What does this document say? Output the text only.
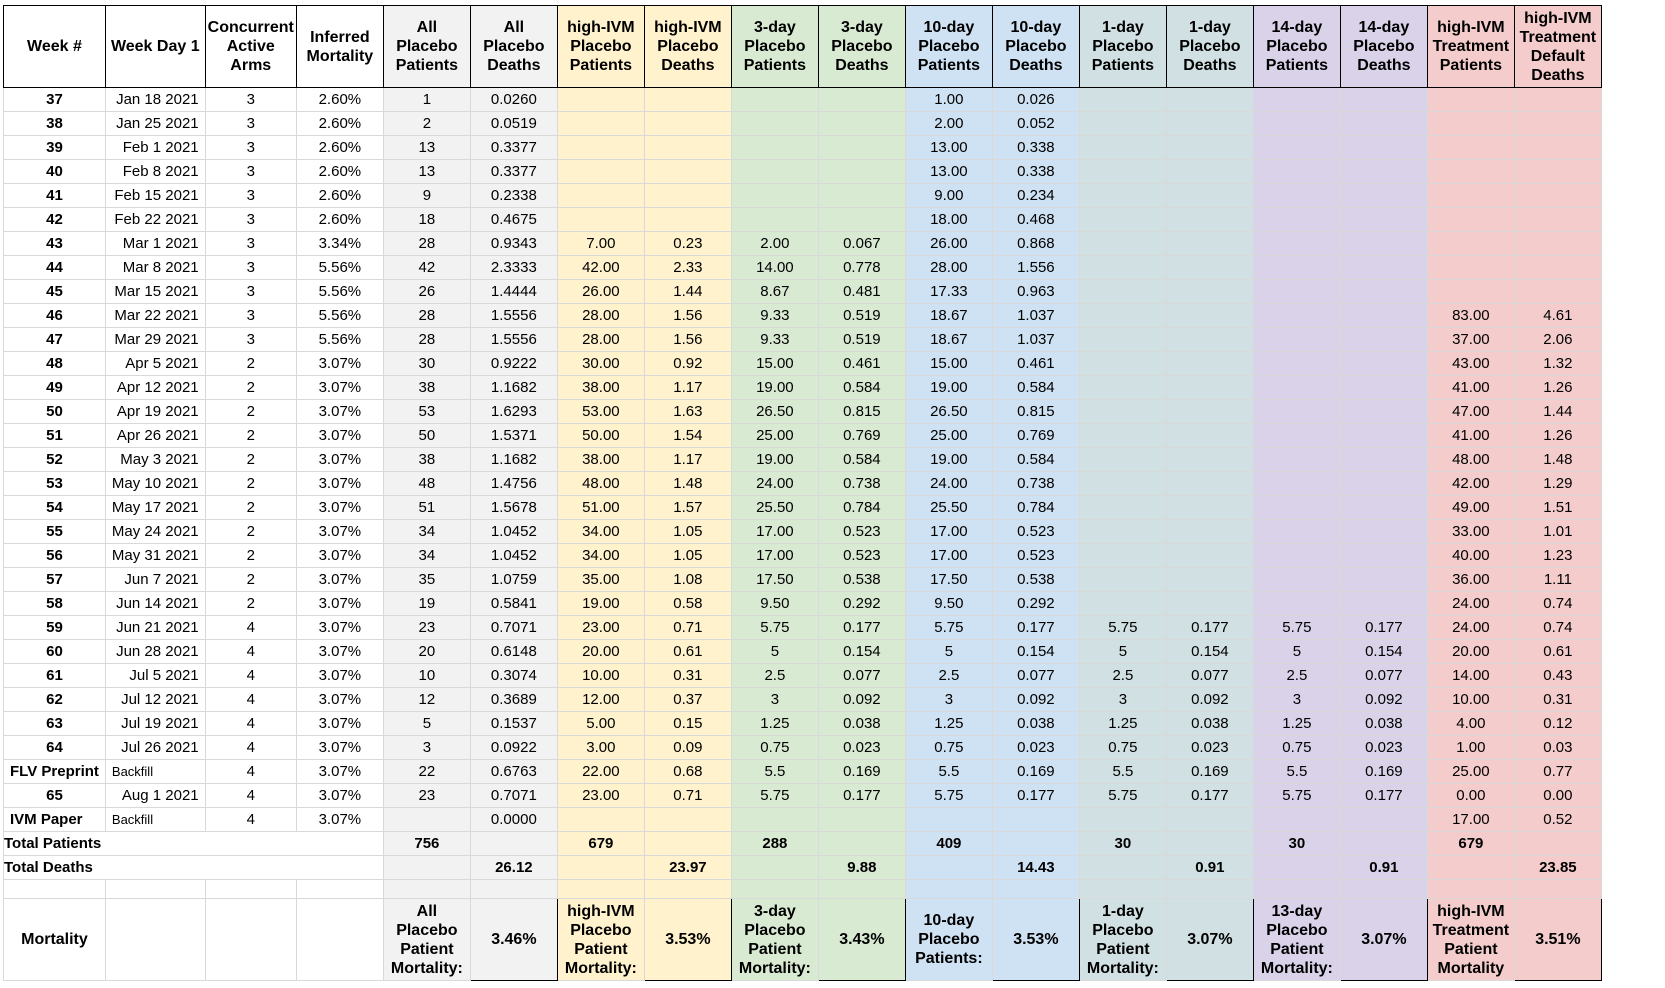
Week #	Week Day 1	Concurrent Active Arms	Inferred Mortality	All Placebo Patients	All Placebo Deaths	high-IVM Placebo Patients	high-IVM Placebo Deaths	3-day Placebo Patients	3-day Placebo Deaths	10-day Placebo Patients	10-day Placebo Deaths	1-day Placebo Patients	1-day Placebo Deaths	14-day Placebo Patients	14-day Placebo Deaths	high-IVM Treatment Patients	high-IVM Treatment Default Deaths
37	Jan 18 2021	3	2.60%	1	0.0260					1.00	0.026						
38	Jan 25 2021	3	2.60%	2	0.0519					2.00	0.052						
39	Feb 1 2021	3	2.60%	13	0.3377					13.00	0.338						
40	Feb 8 2021	3	2.60%	13	0.3377					13.00	0.338						
41	Feb 15 2021	3	2.60%	9	0.2338					9.00	0.234						
42	Feb 22 2021	3	2.60%	18	0.4675					18.00	0.468						
43	Mar 1 2021	3	3.34%	28	0.9343	7.00	0.23	2.00	0.067	26.00	0.868						
44	Mar 8 2021	3	5.56%	42	2.3333	42.00	2.33	14.00	0.778	28.00	1.556						
45	Mar 15 2021	3	5.56%	26	1.4444	26.00	1.44	8.67	0.481	17.33	0.963						
46	Mar 22 2021	3	5.56%	28	1.5556	28.00	1.56	9.33	0.519	18.67	1.037					83.00	4.61
47	Mar 29 2021	3	5.56%	28	1.5556	28.00	1.56	9.33	0.519	18.67	1.037					37.00	2.06
48	Apr 5 2021	2	3.07%	30	0.9222	30.00	0.92	15.00	0.461	15.00	0.461					43.00	1.32
49	Apr 12 2021	2	3.07%	38	1.1682	38.00	1.17	19.00	0.584	19.00	0.584					41.00	1.26
50	Apr 19 2021	2	3.07%	53	1.6293	53.00	1.63	26.50	0.815	26.50	0.815					47.00	1.44
51	Apr 26 2021	2	3.07%	50	1.5371	50.00	1.54	25.00	0.769	25.00	0.769					41.00	1.26
52	May 3 2021	2	3.07%	38	1.1682	38.00	1.17	19.00	0.584	19.00	0.584					48.00	1.48
53	May 10 2021	2	3.07%	48	1.4756	48.00	1.48	24.00	0.738	24.00	0.738					42.00	1.29
54	May 17 2021	2	3.07%	51	1.5678	51.00	1.57	25.50	0.784	25.50	0.784					49.00	1.51
55	May 24 2021	2	3.07%	34	1.0452	34.00	1.05	17.00	0.523	17.00	0.523					33.00	1.01
56	May 31 2021	2	3.07%	34	1.0452	34.00	1.05	17.00	0.523	17.00	0.523					40.00	1.23
57	Jun 7 2021	2	3.07%	35	1.0759	35.00	1.08	17.50	0.538	17.50	0.538					36.00	1.11
58	Jun 14 2021	2	3.07%	19	0.5841	19.00	0.58	9.50	0.292	9.50	0.292					24.00	0.74
59	Jun 21 2021	4	3.07%	23	0.7071	23.00	0.71	5.75	0.177	5.75	0.177	5.75	0.177	5.75	0.177	24.00	0.74
60	Jun 28 2021	4	3.07%	20	0.6148	20.00	0.61	5	0.154	5	0.154	5	0.154	5	0.154	20.00	0.61
61	Jul 5 2021	4	3.07%	10	0.3074	10.00	0.31	2.5	0.077	2.5	0.077	2.5	0.077	2.5	0.077	14.00	0.43
62	Jul 12 2021	4	3.07%	12	0.3689	12.00	0.37	3	0.092	3	0.092	3	0.092	3	0.092	10.00	0.31
63	Jul 19 2021	4	3.07%	5	0.1537	5.00	0.15	1.25	0.038	1.25	0.038	1.25	0.038	1.25	0.038	4.00	0.12
64	Jul 26 2021	4	3.07%	3	0.0922	3.00	0.09	0.75	0.023	0.75	0.023	0.75	0.023	0.75	0.023	1.00	0.03
FLV Preprint	Backfill	4	3.07%	22	0.6763	22.00	0.68	5.5	0.169	5.5	0.169	5.5	0.169	5.5	0.169	25.00	0.77
65	Aug 1 2021	4	3.07%	23	0.7071	23.00	0.71	5.75	0.177	5.75	0.177	5.75	0.177	5.75	0.177	0.00	0.00
IVM Paper	Backfill	4	3.07%		0.0000											17.00	0.52
Total Patients				756		679		288		409		30		30		679	
Total Deaths					26.12		23.97		9.88		14.43		0.91		0.91		23.85

Mortality				All Placebo Patient Mortality:	3.46%	high-IVM Placebo Patient Mortality:	3.53%	3-day Placebo Patient Mortality:	3.43%	10-day Placebo Patients:	3.53%	1-day Placebo Patient Mortality:	3.07%	13-day Placebo Patient Mortality:	3.07%	high-IVM Treatment Patient Mortality	3.51%
